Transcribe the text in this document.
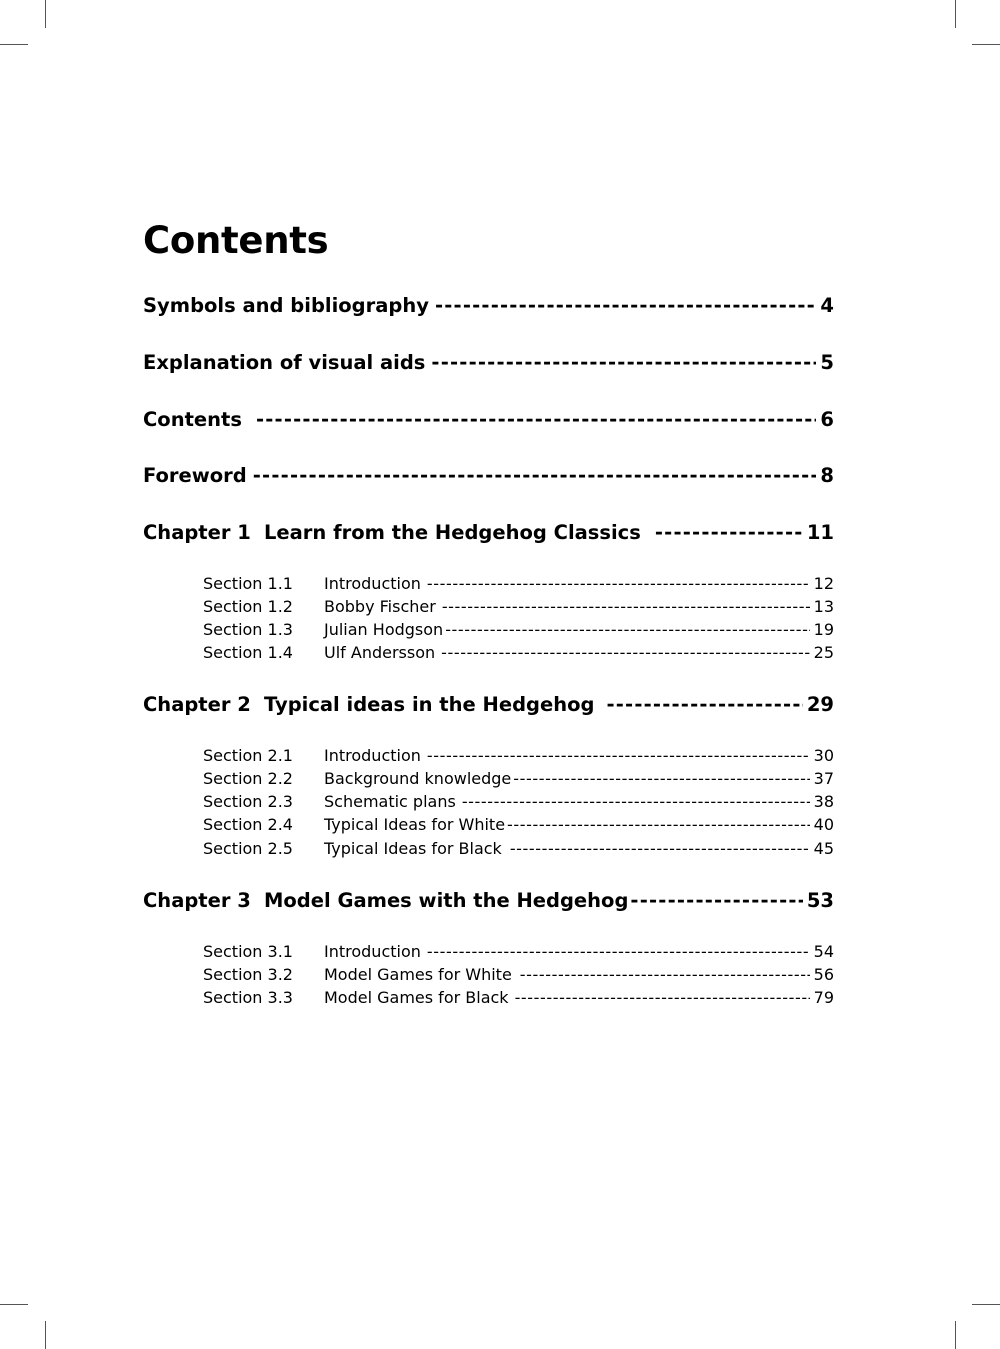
Contents
Symbols and bibliography -----	4
Explanation of visual aids -----	5
Contents -----	6
Foreword -----	8
Chapter 1 Learn from the Hedgehog Classics -----	11
Section 1.1	Introduction -----	12
Section 1.2	Bobby Fischer -----	13
Section 1.3	Julian Hodgson -----	19
Section 1.4	Ulf Andersson -----	25
Chapter 2 Typical ideas in the Hedgehog -----	29
Section 2.1	Introduction -----	30
Section 2.2	Background knowledge -----	37
Section 2.3	Schematic plans -----	38
Section 2.4	Typical Ideas for White -----	40
Section 2.5	Typical Ideas for Black -----	45
Chapter 3 Model Games with the Hedgehog -----	53
Section 3.1	Introduction -----	54
Section 3.2	Model Games for White -----	56
Section 3.3	Model Games for Black -----	79
